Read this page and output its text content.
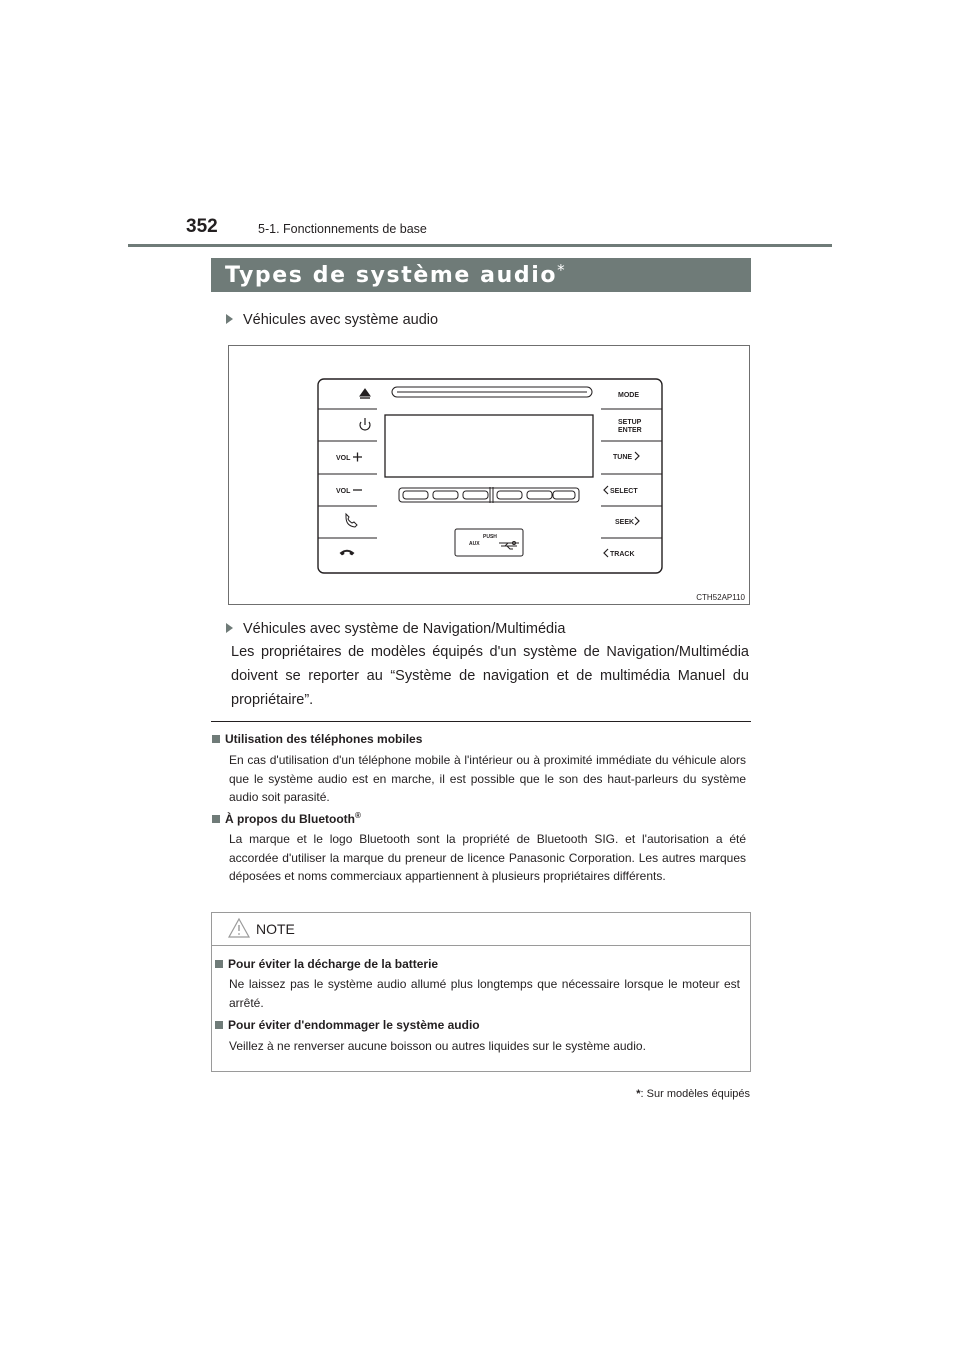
352	5-1. Fonctionnements de base
Types de système audio*
Véhicules avec système audio
VOL
VOL
MODE
SETUP
ENTER
TUNE
SELECT
SEEK
TRACK
PUSH
AUX
CTH52AP110
Véhicules avec système de Navigation/Multimédia
Les propriétaires de modèles équipés d'un système de Navigation/Multimédia doivent se reporter au “Système de navigation et de multimédia Manuel du propriétaire”.
Utilisation des téléphones mobiles
En cas d'utilisation d'un téléphone mobile à l'intérieur ou à proximité immédiate du véhicule alors que le système audio est en marche, il est possible que le son des haut-parleurs du système audio soit parasité.
À propos du Bluetooth®
La marque et le logo Bluetooth sont la propriété de Bluetooth SIG. et l'autorisation a été accordée d'utiliser la marque du preneur de licence Panasonic Corporation. Les autres marques déposées et noms commerciaux appartiennent à plusieurs propriétaires différents.
NOTE
Pour éviter la décharge de la batterie
Ne laissez pas le système audio allumé plus longtemps que nécessaire lorsque le moteur est arrêté.
Pour éviter d'endommager le système audio
Veillez à ne renverser aucune boisson ou autres liquides sur le système audio.
*: Sur modèles équipés
